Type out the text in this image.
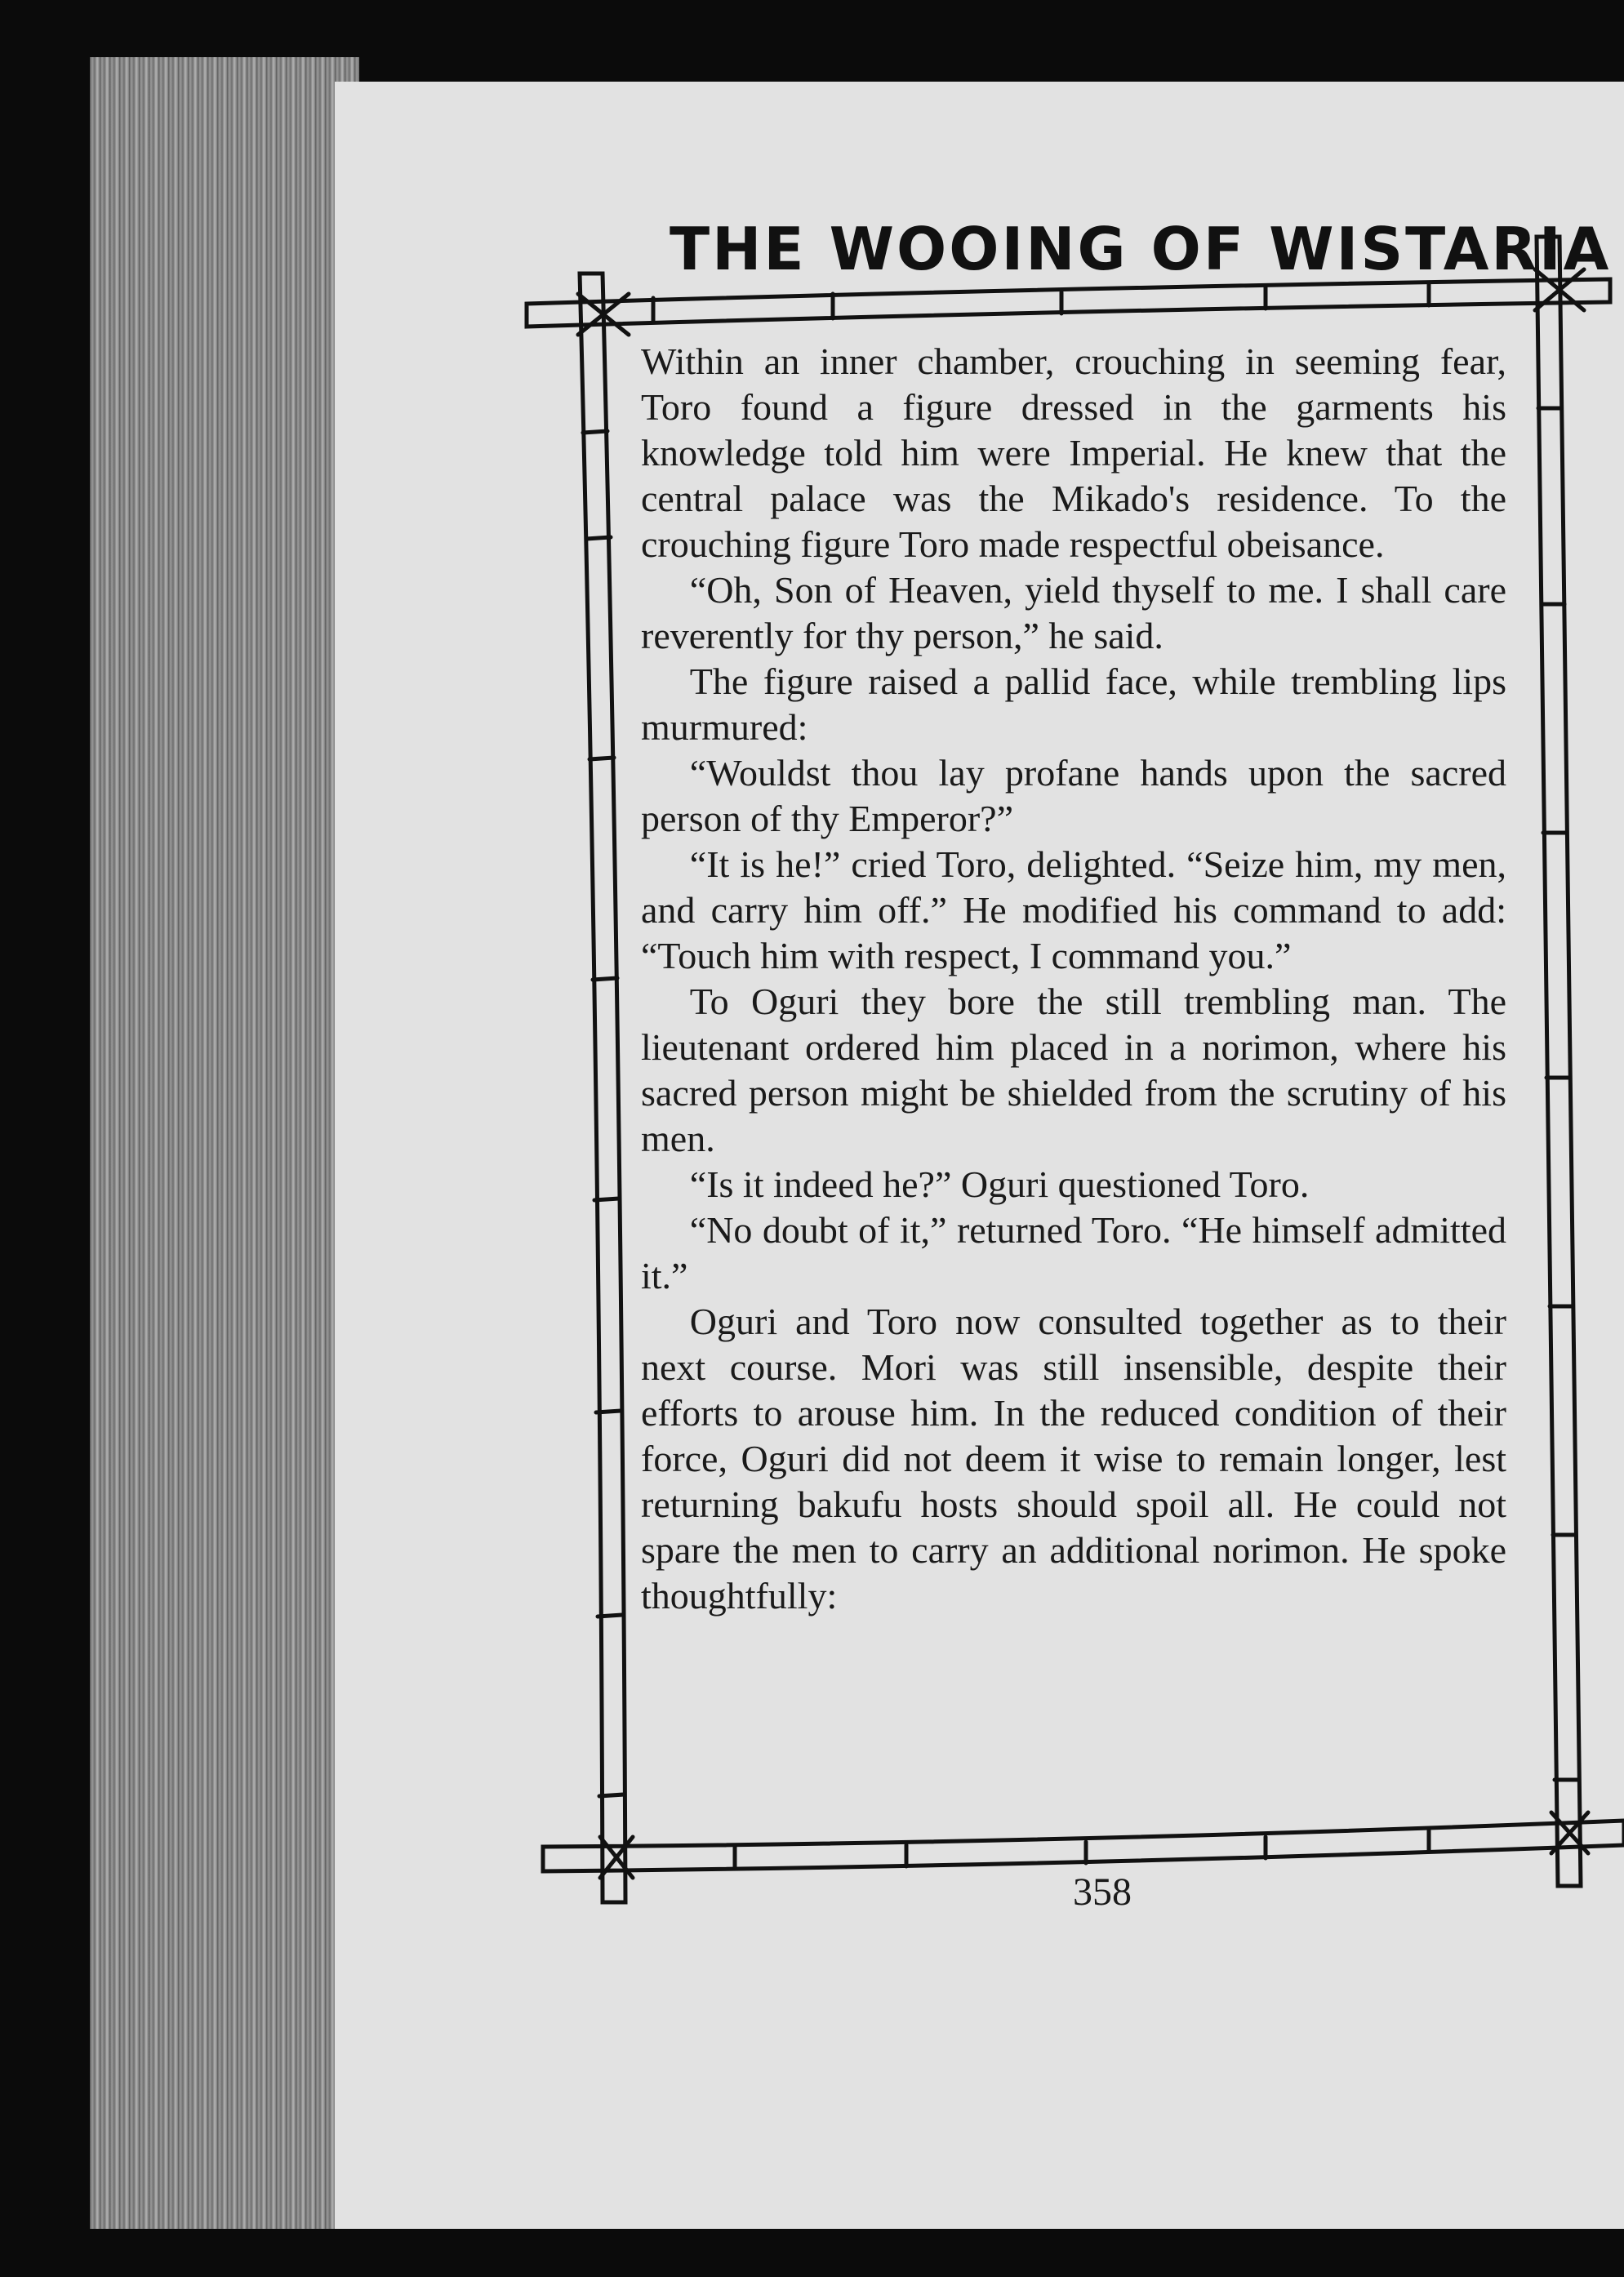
THE WOOING OF WISTARIA

Within an inner chamber, crouching in seeming fear, Toro found a figure dressed in the garments his knowledge told him were Imperial. He knew that the central palace was the Mikado's residence. To the crouching figure Toro made respectful obeisance.

“Oh, Son of Heaven, yield thyself to me. I shall care reverently for thy person,” he said.

The figure raised a pallid face, while trembling lips murmured:

“Wouldst thou lay profane hands upon the sacred person of thy Emperor?”

“It is he!” cried Toro, delighted. “Seize him, my men, and carry him off.” He modified his command to add: “Touch him with respect, I command you.”

To Oguri they bore the still trembling man. The lieutenant ordered him placed in a norimon, where his sacred person might be shielded from the scrutiny of his men.

“Is it indeed he?” Oguri questioned Toro.

“No doubt of it,” returned Toro. “He himself admitted it.”

Oguri and Toro now consulted together as to their next course. Mori was still insensible, despite their efforts to arouse him. In the reduced condition of their force, Oguri did not deem it wise to remain longer, lest returning bakufu hosts should spoil all. He could not spare the men to carry an additional norimon. He spoke thoughtfully:

358
